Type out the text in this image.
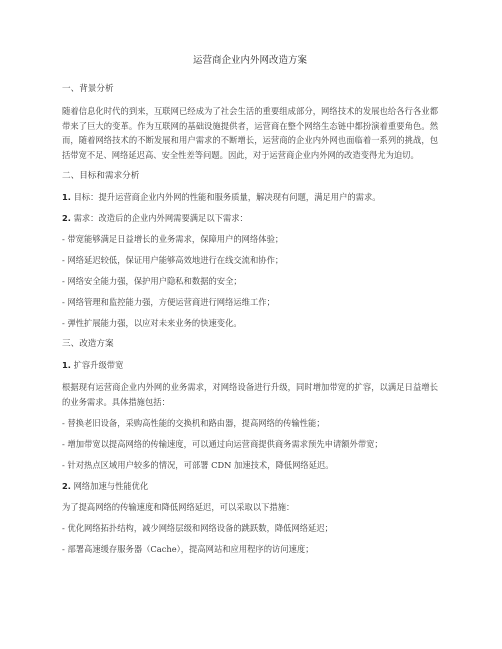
运营商企业内外网改造方案
一、背景分析
随着信息化时代的到来，互联网已经成为了社会生活的重要组成部分，网络技术的发展也给各行各业都带来了巨大的变革。作为互联网的基础设施提供者，运营商在整个网络生态链中都扮演着重要角色。然而，随着网络技术的不断发展和用户需求的不断增长，运营商的企业内外网也面临着一系列的挑战，包括带宽不足、网络延迟高、安全性差等问题。因此，对于运营商企业内外网的改造变得尤为迫切。
二、目标和需求分析
1. 目标：提升运营商企业内外网的性能和服务质量，解决现有问题，满足用户的需求。
2. 需求：改造后的企业内外网需要满足以下需求：
- 带宽能够满足日益增长的业务需求，保障用户的网络体验；
- 网络延迟较低，保证用户能够高效地进行在线交流和协作；
- 网络安全能力强，保护用户隐私和数据的安全；
- 网络管理和监控能力强，方便运营商进行网络运维工作；
- 弹性扩展能力强，以应对未来业务的快速变化。
三、改造方案
1. 扩容升级带宽
根据现有运营商企业内外网的业务需求，对网络设备进行升级，同时增加带宽的扩容，以满足日益增长的业务需求。具体措施包括：
- 替换老旧设备，采购高性能的交换机和路由器，提高网络的传输性能；
- 增加带宽以提高网络的传输速度，可以通过向运营商提供商务需求预先申请额外带宽；
- 针对热点区域用户较多的情况，可部署 CDN 加速技术，降低网络延迟。
2. 网络加速与性能优化
为了提高网络的传输速度和降低网络延迟，可以采取以下措施：
- 优化网络拓扑结构，减少网络层级和网络设备的跳跃数，降低网络延迟；
- 部署高速缓存服务器（Cache），提高网站和应用程序的访问速度；
